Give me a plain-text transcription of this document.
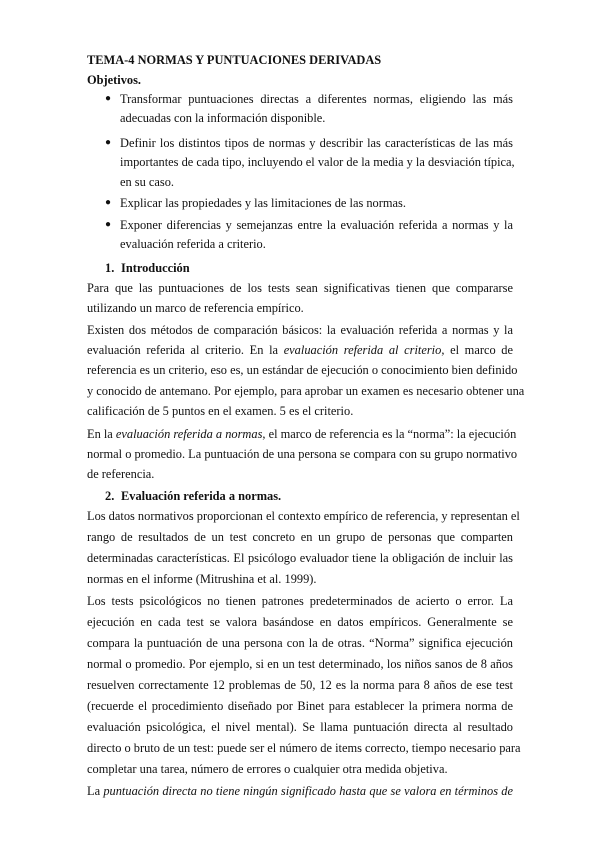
TEMA-4 NORMAS Y PUNTUACIONES DERIVADAS
Objetivos.
● Transformar puntuaciones directas a diferentes normas, eligiendo las más
adecuadas con la información disponible.
● Definir los distintos tipos de normas y describir las características de las más
importantes de cada tipo, incluyendo el valor de la media y la desviación típica,
en su caso.
● Explicar las propiedades y las limitaciones de las normas.
● Exponer diferencias y semejanzas entre la evaluación referida a normas y la
evaluación referida a criterio.
1. Introducción
Para que las puntuaciones de los tests sean significativas tienen que compararse
utilizando un marco de referencia empírico.
Existen dos métodos de comparación básicos: la evaluación referida a normas y la
evaluación referida al criterio. En la evaluación referida al criterio, el marco de
referencia es un criterio, eso es, un estándar de ejecución o conocimiento bien definido
y conocido de antemano. Por ejemplo, para aprobar un examen es necesario obtener una
calificación de 5 puntos en el examen. 5 es el criterio.
En la evaluación referida a normas, el marco de referencia es la “norma”: la ejecución
normal o promedio. La puntuación de una persona se compara con su grupo normativo
de referencia.
2. Evaluación referida a normas.
Los datos normativos proporcionan el contexto empírico de referencia, y representan el
rango de resultados de un test concreto en un grupo de personas que comparten
determinadas características. El psicólogo evaluador tiene la obligación de incluir las
normas en el informe (Mitrushina et al. 1999).
Los tests psicológicos no tienen patrones predeterminados de acierto o error. La
ejecución en cada test se valora basándose en datos empíricos. Generalmente se
compara la puntuación de una persona con la de otras. “Norma” significa ejecución
normal o promedio. Por ejemplo, si en un test determinado, los niños sanos de 8 años
resuelven correctamente 12 problemas de 50, 12 es la norma para 8 años de ese test
(recuerde el procedimiento diseñado por Binet para establecer la primera norma de
evaluación psicológica, el nivel mental). Se llama puntuación directa al resultado
directo o bruto de un test: puede ser el número de items correcto, tiempo necesario para
completar una tarea, número de errores o cualquier otra medida objetiva.
La puntuación directa no tiene ningún significado hasta que se valora en términos de
